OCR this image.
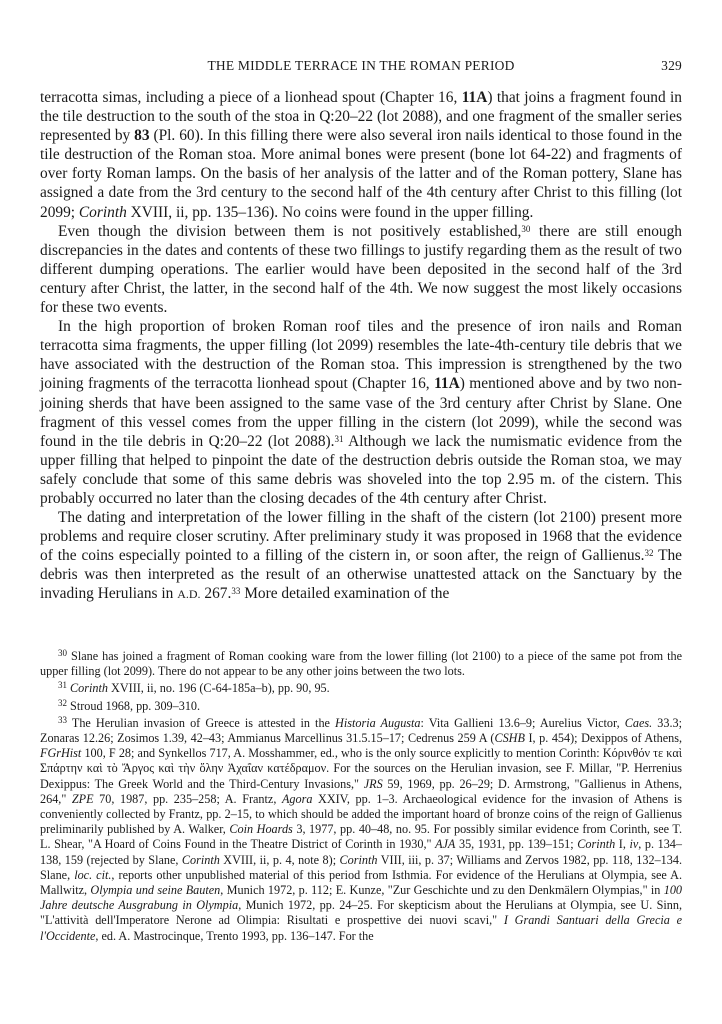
THE MIDDLE TERRACE IN THE ROMAN PERIOD	329

terracotta simas, including a piece of a lionhead spout (Chapter 16, 11A) that joins a fragment found in the tile destruction to the south of the stoa in Q:20–22 (lot 2088), and one fragment of the smaller series represented by 83 (Pl. 60). In this filling there were also several iron nails identical to those found in the tile destruction of the Roman stoa. More animal bones were present (bone lot 64-22) and fragments of over forty Roman lamps. On the basis of her analysis of the latter and of the Roman pottery, Slane has assigned a date from the 3rd century to the second half of the 4th century after Christ to this filling (lot 2099; Corinth XVIII, ii, pp. 135–136). No coins were found in the upper filling.

Even though the division between them is not positively established,$^{30}$ there are still enough discrepancies in the dates and contents of these two fillings to justify regarding them as the result of two different dumping operations. The earlier would have been deposited in the second half of the 3rd century after Christ, the latter, in the second half of the 4th. We now suggest the most likely occasions for these two events.

In the high proportion of broken Roman roof tiles and the presence of iron nails and Roman terracotta sima fragments, the upper filling (lot 2099) resembles the late-4th-century tile debris that we have associated with the destruction of the Roman stoa. This impression is strengthened by the two joining fragments of the terracotta lionhead spout (Chapter 16, 11A) mentioned above and by two non-joining sherds that have been assigned to the same vase of the 3rd century after Christ by Slane. One fragment of this vessel comes from the upper filling in the cistern (lot 2099), while the second was found in the tile debris in Q:20–22 (lot 2088).$^{31}$ Although we lack the numismatic evidence from the upper filling that helped to pinpoint the date of the destruction debris outside the Roman stoa, we may safely conclude that some of this same debris was shoveled into the top 2.95 m. of the cistern. This probably occurred no later than the closing decades of the 4th century after Christ.

The dating and interpretation of the lower filling in the shaft of the cistern (lot 2100) present more problems and require closer scrutiny. After preliminary study it was proposed in 1968 that the evidence of the coins especially pointed to a filling of the cistern in, or soon after, the reign of Gallienus.$^{32}$ The debris was then interpreted as the result of an otherwise unattested attack on the Sanctuary by the invading Herulians in A.D. 267.33 More detailed examination of the

$^{30}$ Slane has joined a fragment of Roman cooking ware from the lower filling (lot 2100) to a piece of the same pot from the upper filling (lot 2099). There do not appear to be any other joins between the two lots.

$^{31}$ Corinth XVIII, ii, no. 196 (C-64-185a–b), pp. 90, 95.

$^{32}$ Stroud 1968, pp. 309–310.

$^{33}$ The Herulian invasion of Greece is attested in the Historia Augusta: Vita Gallieni 13.6–9; Aurelius Victor, Caes. 33.3; Zonaras 12.26; Zosimos 1.39, 42–43; Ammianus Marcellinus 31.5.15–17; Cedrenus 259 A (CSHB I, p. 454); Dexippos of Athens, FGrHist 100, F 28; and Synkellos 717, A. Mosshammer, ed., who is the only source explicitly to mention Corinth: Κόρινθόν τε καὶ Σπάρτην καὶ τὸ Ἄργος καὶ τὴν ὅλην Ἀχαΐαν κατέδραμον. For the sources on the Herulian invasion, see F. Millar, "P. Herrenius Dexippus: The Greek World and the Third-Century Invasions," JRS 59, 1969, pp. 26–29; D. Armstrong, "Gallienus in Athens, 264," ZPE 70, 1987, pp. 235–258; A. Frantz, Agora XXIV, pp. 1–3. Archaeological evidence for the invasion of Athens is conveniently collected by Frantz, pp. 2–15, to which should be added the important hoard of bronze coins of the reign of Gallienus preliminarily published by A. Walker, Coin Hoards 3, 1977, pp. 40–48, no. 95. For possibly similar evidence from Corinth, see T. L. Shear, "A Hoard of Coins Found in the Theatre District of Corinth in 1930," AJA 35, 1931, pp. 139–151; Corinth I, iv, p. 134–138, 159 (rejected by Slane, Corinth XVIII, ii, p. 4, note 8); Corinth VIII, iii, p. 37; Williams and Zervos 1982, pp. 118, 132–134. Slane, loc. cit., reports other unpublished material of this period from Isthmia. For evidence of the Herulians at Olympia, see A. Mallwitz, Olympia und seine Bauten, Munich 1972, p. 112; E. Kunze, "Zur Geschichte und zu den Denkmälern Olympias," in 100 Jahre deutsche Ausgrabung in Olympia, Munich 1972, pp. 24–25. For skepticism about the Herulians at Olympia, see U. Sinn, "L'attività dell'Imperatore Nerone ad Olimpia: Risultati e prospettive dei nuovi scavi," I Grandi Santuari della Grecia e l'Occidente, ed. A. Mastrocinque, Trento 1993, pp. 136–147. For the
